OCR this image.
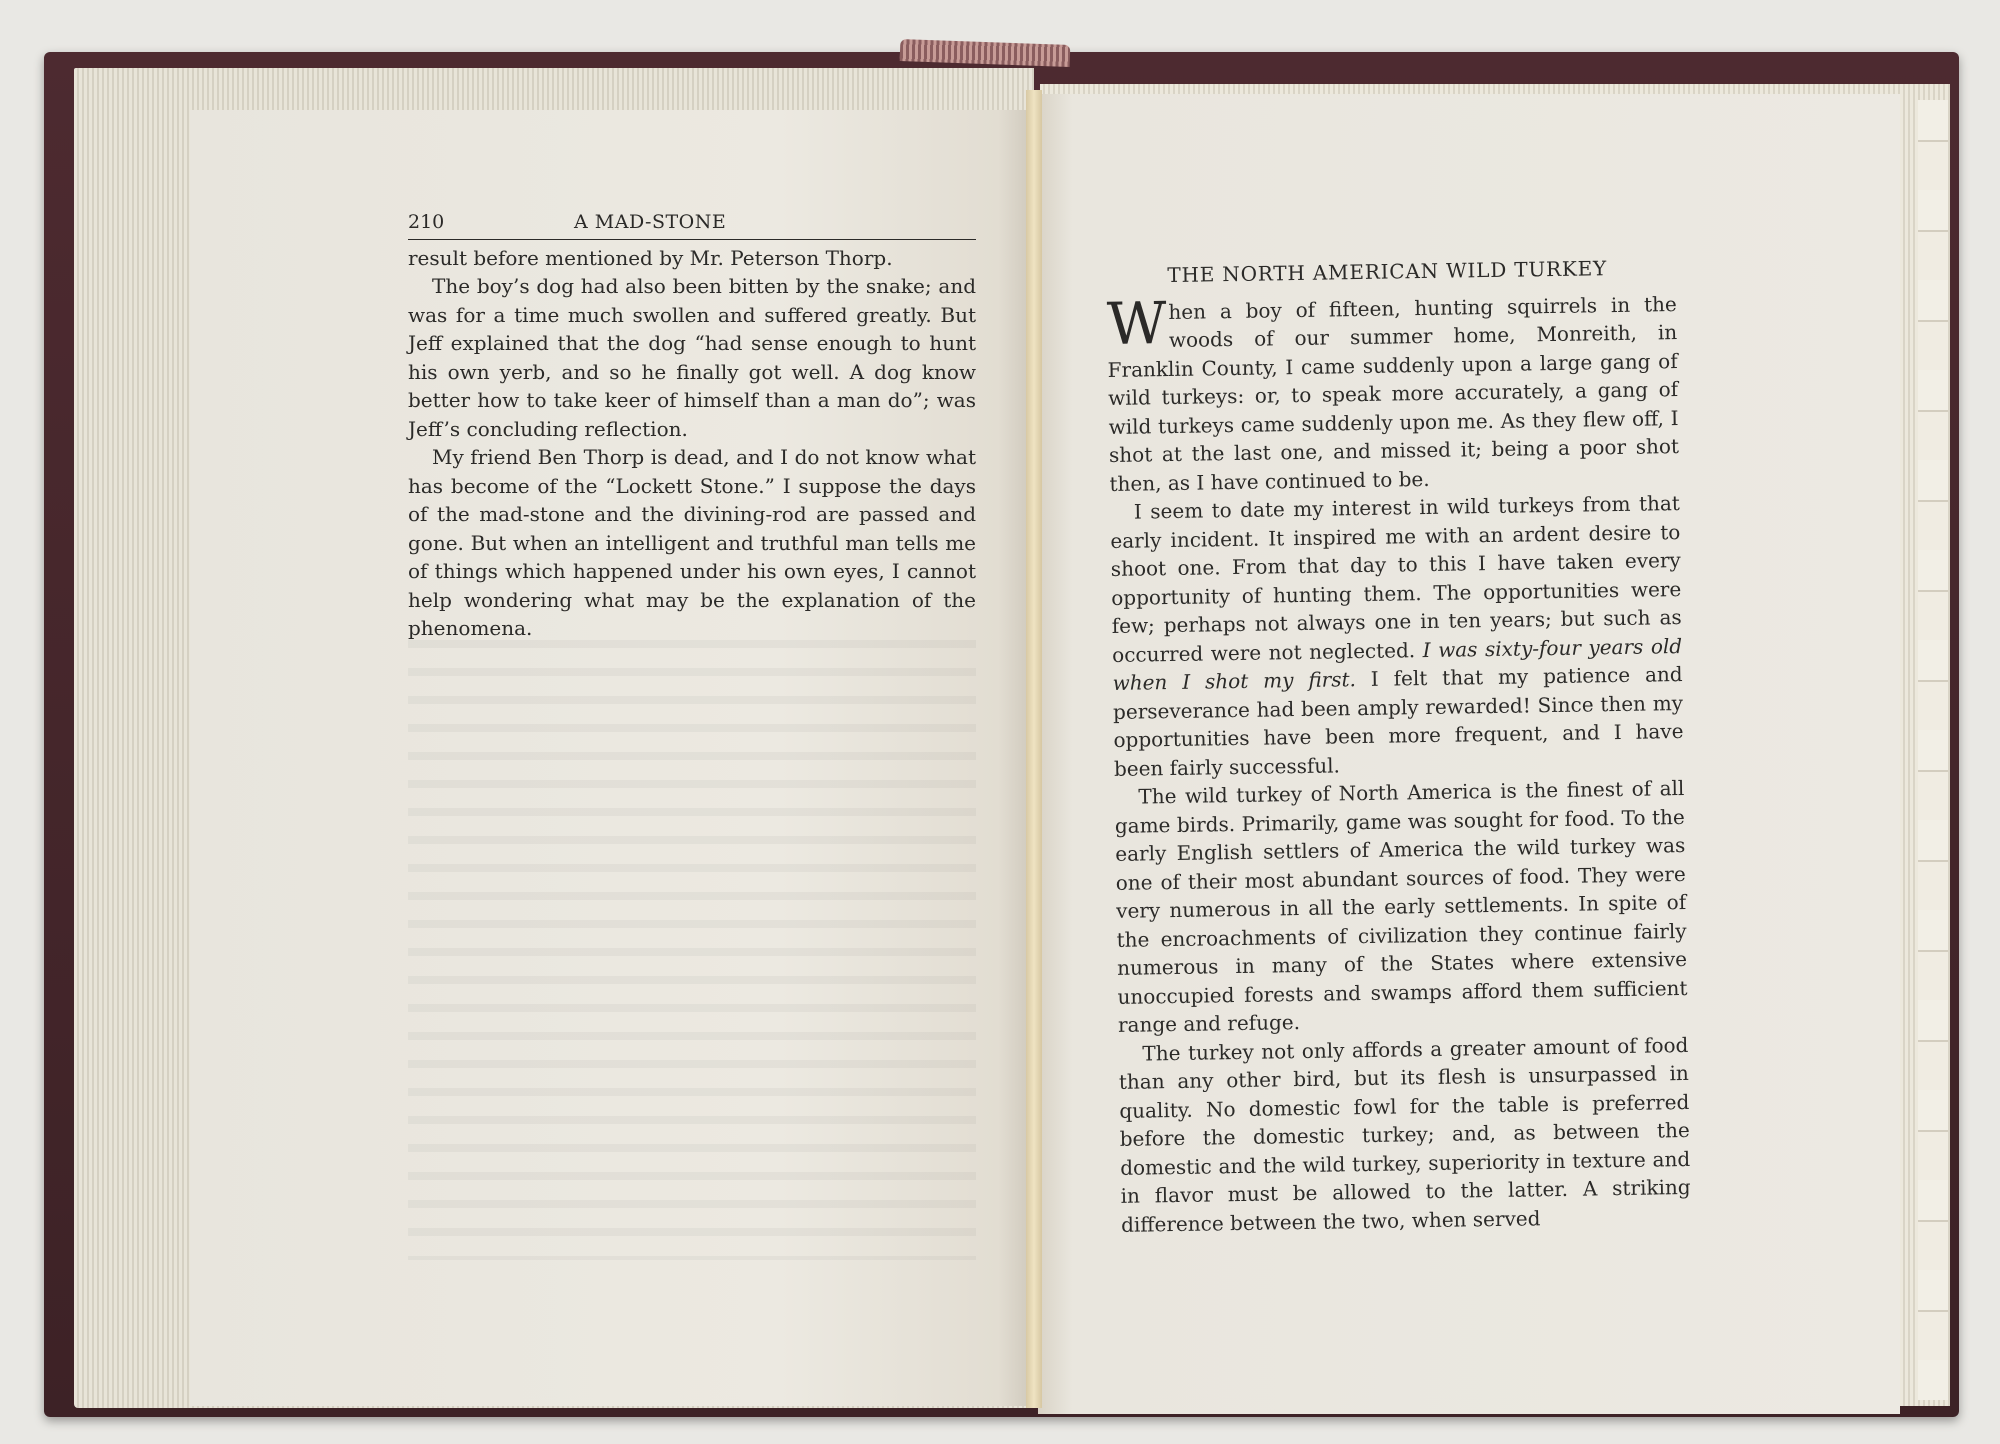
210	A MAD-STONE

result before mentioned by Mr. Peterson Thorp.

The boy’s dog had also been bitten by the snake; and was for a time much swollen and suffered greatly. But Jeff explained that the dog “had sense enough to hunt his own yerb, and so he finally got well. A dog know better how to take keer of himself than a man do”; was Jeff’s concluding reflection.

My friend Ben Thorp is dead, and I do not know what has become of the “Lockett Stone.” I suppose the days of the mad-stone and the divining-rod are passed and gone. But when an intelligent and truthful man tells me of things which happened under his own eyes, I cannot help wondering what may be the explanation of the phenomena.

THE NORTH AMERICAN WILD TURKEY

When a boy of fifteen, hunting squirrels in the woods of our summer home, Monreith, in Franklin County, I came suddenly upon a large gang of wild turkeys: or, to speak more accurately, a gang of wild turkeys came suddenly upon me. As they flew off, I shot at the last one, and missed it; being a poor shot then, as I have continued to be.

I seem to date my interest in wild turkeys from that early incident. It inspired me with an ardent desire to shoot one. From that day to this I have taken every opportunity of hunting them. The opportunities were few; perhaps not always one in ten years; but such as occurred were not neglected. I was sixty-four years old when I shot my first. I felt that my patience and perseverance had been amply rewarded! Since then my opportunities have been more frequent, and I have been fairly successful.

The wild turkey of North America is the finest of all game birds. Primarily, game was sought for food. To the early English settlers of America the wild turkey was one of their most abundant sources of food. They were very numerous in all the early settlements. In spite of the encroachments of civilization they continue fairly numerous in many of the States where extensive unoccupied forests and swamps afford them sufficient range and refuge.

The turkey not only affords a greater amount of food than any other bird, but its flesh is unsurpassed in quality. No domestic fowl for the table is preferred before the domestic turkey; and, as between the domestic and the wild turkey, superiority in texture and in flavor must be allowed to the latter. A striking difference between the two, when served
